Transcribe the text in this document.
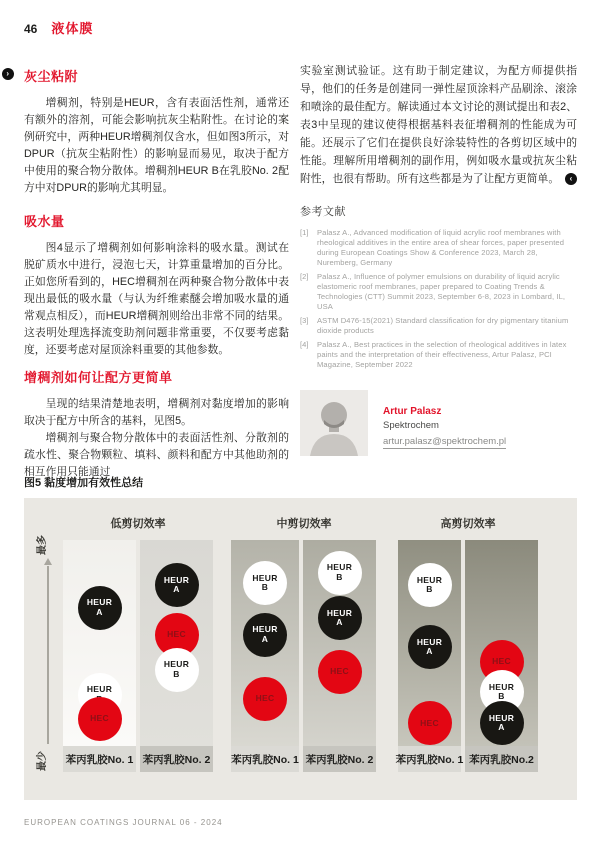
46 液体膜
›	灰尘粘附

增稠剂，特别是HEUR，含有表面活性剂，通常还有额外的溶剂，可能会影响抗灰尘粘附性。在讨论的案例研究中，两种HEUR增稠剂仅含水，但如图3所示，对DPUR（抗灰尘粘附性）的影响显而易见，取决于配方中使用的聚合物分散体。增稠剂HEUR B在乳胶No. 2配方中对DPUR的影响尤其明显。

吸水量

图4显示了增稠剂如何影响涂料的吸水量。测试在脱矿质水中进行，浸泡七天，计算重量增加的百分比。正如您所看到的，HEC增稠剂在两种聚合物分散体中表现出最低的吸水量（与认为纤维素醚会增加吸水量的通常观点相反），而HEUR增稠剂则给出非常不同的结果。这表明处理选择流变助剂问题非常重要，不仅要考虑黏度，还要考虑对屋顶涂料重要的其他参数。

增稠剂如何让配方更简单

呈现的结果清楚地表明，增稠剂对黏度增加的影响取决于配方中所含的基料，见图5。

增稠剂与聚合物分散体中的表面活性剂、分散剂的疏水性、聚合物颗粒、填料、颜料和配方中其他助剂的相互作用只能通过

实验室测试验证。这有助于制定建议，为配方师提供指导，他们的任务是创建同一弹性屋顶涂料产品刷涂、滚涂和喷涂的最佳配方。解读通过本文讨论的测试提出和表2、表3中呈现的建议使得根据基料表征增稠剂的性能成为可能。还展示了它们在提供良好涂装特性的各剪切区域中的性能。理解所用增稠剂的副作用，例如吸水量或抗灰尘粘附性，也很有帮助。所有这些都是为了让配方更简单。	‹

参考文献
[1]	Palasz A., Advanced modification of liquid acrylic roof membranes with rheological additives in the entire area of shear forces, paper presented during European Coatings Show & Conference 2023, March 28, Nuremberg, Germany
[2]	Palasz A., Influence of polymer emulsions on durability of liquid acrylic elastomeric roof membranes, paper prepared to Coating Trends & Technologies (CTT) Summit 2023, September 6-8, 2023 in Lombard, IL, USA
[3]	ASTM D476-15(2021) Standard classification for dry pigmentary titanium dioxide products
[4]	Palasz A., Best practices in the selection of rheological additives in latex paints and the interpretation of their effectiveness, Artur Palasz, PCI Magazine, September 2022
Artur Palasz
Spektrochem
artur.palasz@spektrochem.pl
图5 黏度增加有效性总结
最多
最少
低剪切效率
HEUR
A
HEUR
HEC
苯丙乳胶No. 1
HEUR
A
HEC
HEUR
B
苯丙乳胶No. 2
中剪切效率
HEUR
B
HEUR
A
HEC
苯丙乳胶No. 1
HEUR
B
HEUR
A
HEC
苯丙乳胶No. 2
高剪切效率
HEUR
B
HEUR
A
HEC
苯丙乳胶No. 1
HEC
HEUR
B
HEUR
A
苯丙乳胶No.2
EUROPEAN COATINGS JOURNAL 06 - 2024
